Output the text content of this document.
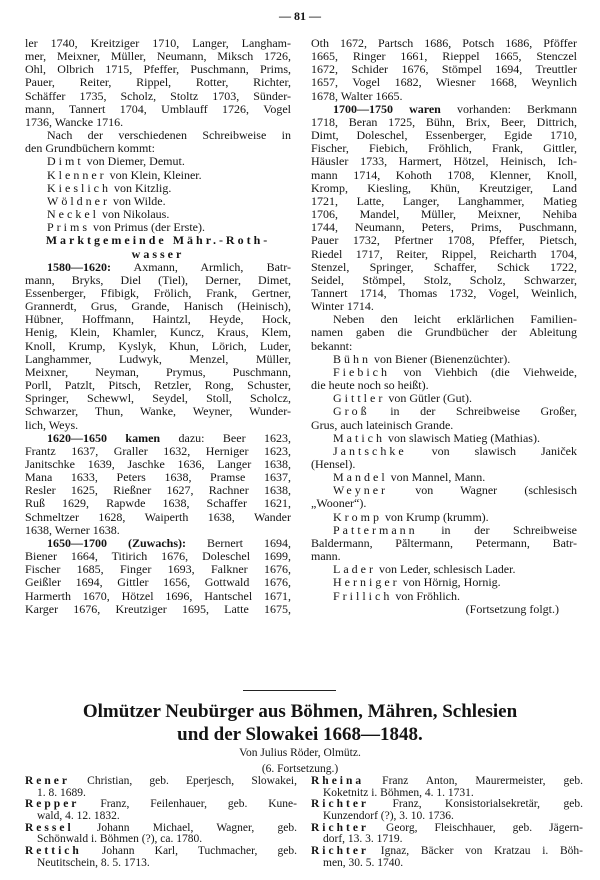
— 81 —
ler 1740, Kreitziger 1710, Langer, Langham-
mer, Meixner, Müller, Neumann, Miksch 1726,
Ohl, Olbrich 1715, Pfeffer, Puschmann, Prims,
Pauer, Reiter, Rippel, Rotter, Richter,
Schäffer 1735, Scholz, Stoltz 1703, Sünder-
mann, Tannert 1704, Umblauff 1726, Vogel
1736, Wancke 1716.
Nach der verschiedenen Schreibweise in
den Grundbüchern kommt:
Dimt von Diemer, Demut.
Klenner von Klein, Kleiner.
Kieslich von Kitzlig.
Wöldner von Wilde.
Neckel von Nikolaus.
Prims von Primus (der Erste).
Marktgemeinde Mähr.-Roth-
wasser
1580—1620: Axmann, Armlich, Batr-
mann, Bryks, Diel (Tiel), Derner, Dimet,
Essenberger, Ffibigk, Frölich, Frank, Gertner,
Grannerdt, Grus, Grande, Hanisch (Heinisch),
Hübner, Hoffmann, Haintzl, Heyde, Hock,
Henig, Klein, Khamler, Kuncz, Kraus, Klem,
Knoll, Krump, Kyslyk, Khun, Lörich, Luder,
Langhammer, Ludwyk, Menzel, Müller,
Meixner, Neyman, Prymus, Puschmann,
Porll, Patzlt, Pitsch, Retzler, Rong, Schuster,
Springer, Schewwl, Seydel, Stoll, Scholcz,
Schwarzer, Thun, Wanke, Weyner, Wunder-
lich, Weys.
1620—1650 kamen dazu: Beer 1623,
Frantz 1637, Graller 1632, Herniger 1623,
Janitschke 1639, Jaschke 1636, Langer 1638,
Mana 1633, Peters 1638, Pramse 1637,
Resler 1625, Rießner 1627, Rachner 1638,
Ruß 1629, Rapwde 1638, Schaffer 1621,
Schmeltzer 1628, Waiperth 1638, Wander
1638, Werner 1638.
1650—1700 (Zuwachs): Bernert 1694,
Biener 1664, Titirich 1676, Doleschel 1699,
Fischer 1685, Finger 1693, Falkner 1676,
Geißler 1694, Gittler 1656, Gottwald 1676,
Harmerth 1670, Hötzel 1696, Hantschel 1671,
Karger 1676, Kreutziger 1695, Latte 1675,
Oth 1672, Partsch 1686, Potsch 1686, Pföffer
1665, Ringer 1661, Rieppel 1665, Stenczel
1672, Schider 1676, Stömpel 1694, Treuttler
1657, Vogel 1682, Wiesner 1668, Weynlich
1678, Walter 1665.
1700—1750 waren vorhanden: Berkmann
1718, Beran 1725, Bühn, Brix, Beer, Dittrich,
Dimt, Doleschel, Essenberger, Egide 1710,
Fischer, Fiebich, Fröhlich, Frank, Gittler,
Häusler 1733, Harmert, Hötzel, Heinisch, Ich-
mann 1714, Kohoth 1708, Klenner, Knoll,
Kromp, Kiesling, Khün, Kreutziger, Land
1721, Latte, Langer, Langhammer, Matieg
1706, Mandel, Müller, Meixner, Nehiba
1744, Neumann, Peters, Prims, Puschmann,
Pauer 1732, Pfertner 1708, Pfeffer, Pietsch,
Riedel 1717, Reiter, Rippel, Reicharth 1704,
Stenzel, Springer, Schaffer, Schick 1722,
Seidel, Stömpel, Stolz, Scholz, Schwarzer,
Tannert 1714, Thomas 1732, Vogel, Weinlich,
Winter 1714.
Neben den leicht erklärlichen Familien-
namen gaben die Grundbücher der Ableitung
bekannt:
Bühn von Biener (Bienenzüchter).
Fiebich von Viehbich (die Viehweide,
die heute noch so heißt).
Gittler von Gütler (Gut).
Groß in der Schreibweise Großer,
Grus, auch lateinisch Grande.
Matich von slawisch Matieg (Mathias).
Jantschke von slawisch Janiček
(Hensel).
Mandel von Mannel, Mann.
Weyner von Wagner (schlesisch
„Wooner“).
Kromp von Krump (krumm).
Pattermann in der Schreibweise
Baldermann, Păltermann, Petermann, Batr-
mann.
Lader von Leder, schlesisch Lader.
Herniger von Hörnig, Hornig.
Frillich von Fröhlich.
(Fortsetzung folgt.)
Olmützer Neubürger aus Böhmen, Mähren, Schlesien
und der Slowakei 1668—1848.
Von Julius Röder, Olmütz.
(6. Fortsetzung.)
Rener Christian, geb. Eperjesch, Slowakei,
1. 8. 1689.
Repper Franz, Feilenhauer, geb. Kune-
wald, 4. 12. 1832.
Ressel Johann Michael, Wagner, geb.
Schönwald i. Böhmen (?), ca. 1780.
Rettich Johann Karl, Tuchmacher, geb.
Neutitschein, 8. 5. 1713.
Rheina Franz Anton, Maurermeister, geb.
Koketnitz i. Böhmen, 4. 1. 1731.
Richter Franz, Konsistorialsekretär, geb.
Kunzendorf (?), 3. 10. 1736.
Richter Georg, Fleischhauer, geb. Jägern-
dorf, 13. 3. 1719.
Richter Ignaz, Bäcker von Kratzau i. Böh-
men, 30. 5. 1740.
